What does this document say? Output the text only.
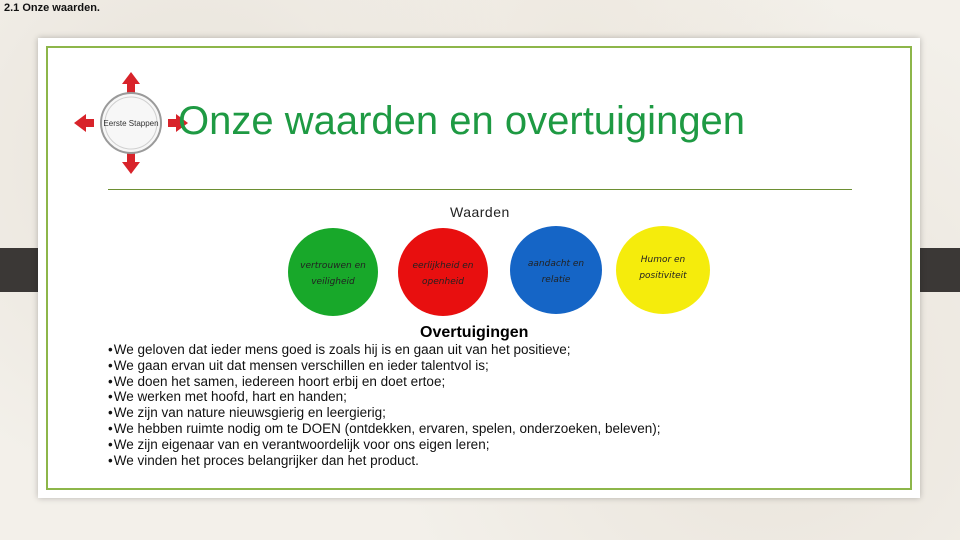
2.1 Onze waarden.
Eerste Stappen Onze waarden en overtuigingen
Waarden
vertrouwen en
veiligheid
eerlijkheid en
openheid
aandacht en
relatie
Humor en
positiviteit
Overtuigingen
• We geloven dat ieder mens goed is zoals hij is en gaan uit van het positieve;
• We gaan ervan uit dat mensen verschillen en ieder talentvol is;
• We doen het samen, iedereen hoort erbij en doet ertoe;
• We werken met hoofd, hart en handen;
• We zijn van nature nieuwsgierig en leergierig;
• We hebben ruimte nodig om te DOEN (ontdekken, ervaren, spelen, onderzoeken, beleven);
• We zijn eigenaar van en verantwoordelijk voor ons eigen leren;
• We vinden het proces belangrijker dan het product.
